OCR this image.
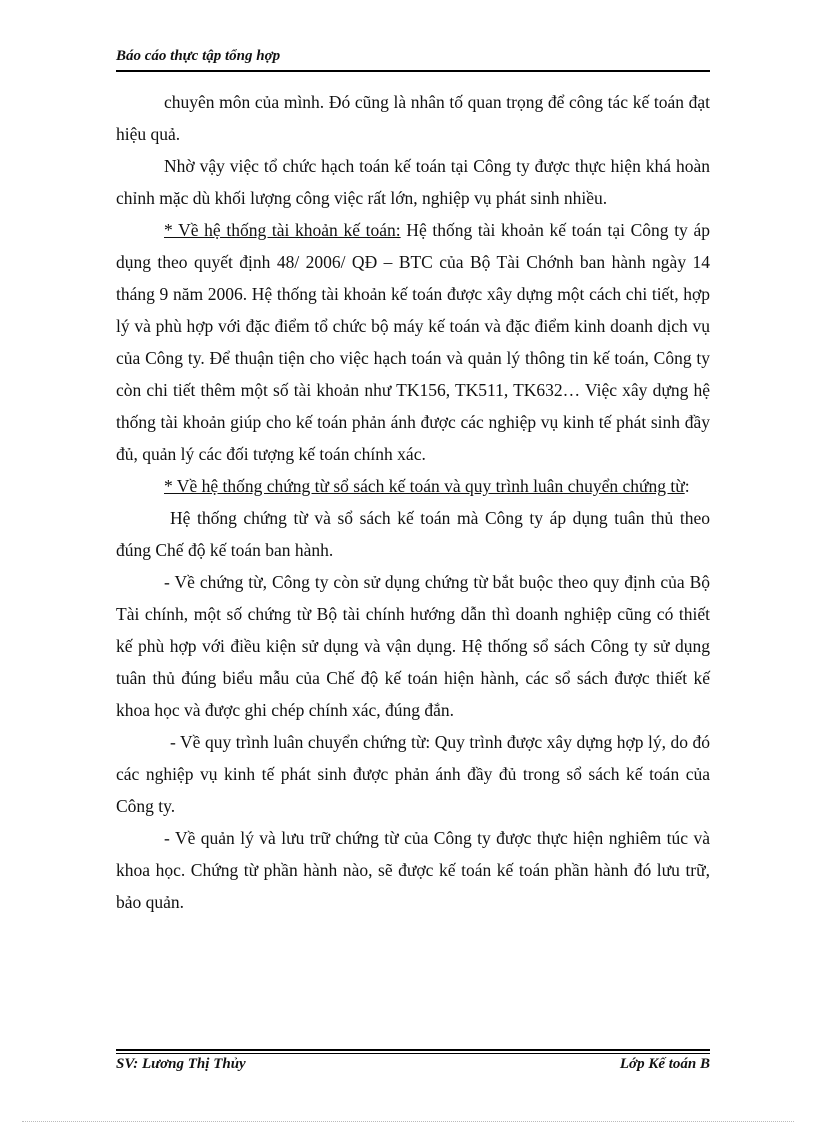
Báo cáo thực tập tổng hợp

chuyên môn của mình. Đó cũng là nhân tố quan trọng để công tác kế toán đạt hiệu quả.

Nhờ vậy việc tổ chức hạch toán kế toán tại Công ty được thực hiện khá hoàn chỉnh mặc dù khối lượng công việc rất lớn, nghiệp vụ phát sinh nhiều.

* Về hệ thống tài khoản kế toán: Hệ thống tài khoản kế toán tại Công ty áp dụng theo quyết định 48/ 2006/ QĐ – BTC của Bộ Tài Chớnh ban hành ngày 14 tháng 9 năm 2006. Hệ thống tài khoản kế toán được xây dựng một cách chi tiết, hợp lý và phù hợp với đặc điểm tổ chức bộ máy kế toán và đặc điểm kinh doanh dịch vụ của Công ty. Để thuận tiện cho việc hạch toán và quản lý thông tin kế toán, Công ty còn chi tiết thêm một số tài khoản như TK156, TK511, TK632… Việc xây dựng hệ thống tài khoản giúp cho kế toán phản ánh được các nghiệp vụ kinh tế phát sinh đầy đủ, quản lý các đối tượng kế toán chính xác.

* Về hệ thống chứng từ sổ sách kế toán và quy trình luân chuyển chứng từ:

Hệ thống chứng từ và sổ sách kế toán mà Công ty áp dụng tuân thủ theo đúng Chế độ kế toán ban hành.

- Về chứng từ, Công ty còn sử dụng chứng từ bắt buộc theo quy định của Bộ Tài chính, một số chứng từ Bộ tài chính hướng dẫn thì doanh nghiệp cũng có thiết kế phù hợp với điều kiện sử dụng và vận dụng. Hệ thống sổ sách Công ty sử dụng tuân thủ đúng biểu mẫu của Chế độ kế toán hiện hành, các sổ sách được thiết kế khoa học và được ghi chép chính xác, đúng đắn.

- Về quy trình luân chuyển chứng từ: Quy trình được xây dựng hợp lý, do đó các nghiệp vụ kinh tế phát sinh được phản ánh đầy đủ trong sổ sách kế toán của Công ty.

- Về quản lý và lưu trữ chứng từ của Công ty được thực hiện nghiêm túc và khoa học. Chứng từ phần hành nào, sẽ được kế toán kế toán phần hành đó lưu trữ, bảo quản.

SV: Lương Thị Thủy	Lớp Kế toán B
